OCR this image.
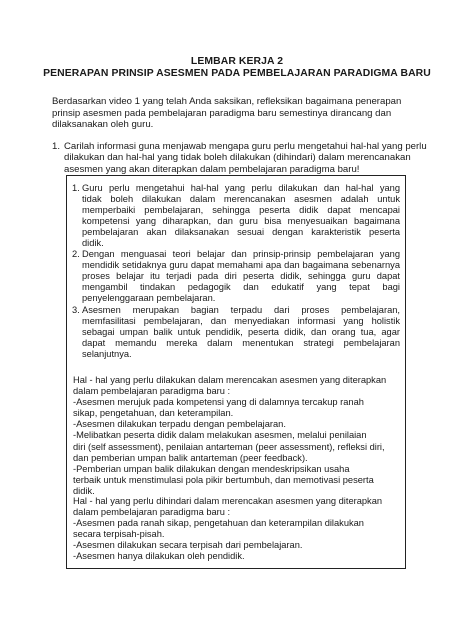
LEMBAR KERJA 2
PENERAPAN PRINSIP ASESMEN PADA PEMBELAJARAN PARADIGMA BARU
Berdasarkan video 1 yang telah Anda saksikan, refleksikan bagaimana penerapan
prinsip asesmen pada pembelajaran paradigma baru semestinya dirancang dan
dilaksanakan oleh guru.
1. Carilah informasi guna menjawab mengapa guru perlu mengetahui hal-hal yang perlu
dilakukan dan hal-hal yang tidak boleh dilakukan (dihindari) dalam merencanakan
asesmen yang akan diterapkan dalam pembelajaran paradigma baru!
1. Guru perlu mengetahui hal-hal yang perlu dilakukan dan hal-hal yang
tidak boleh dilakukan dalam merencanakan asesmen adalah untuk
memperbaiki pembelajaran, sehingga peserta didik dapat mencapai
kompetensi yang diharapkan, dan guru bisa menyesuaikan bagaimana
pembelajaran akan dilaksanakan sesuai dengan karakteristik peserta
didik.
2. Dengan menguasai teori belajar dan prinsip-prinsip pembelajaran yang
mendidik setidaknya guru dapat memahami apa dan bagaimana sebenarnya
proses belajar itu terjadi pada diri peserta didik, sehingga guru dapat
mengambil tindakan pedagogik dan edukatif yang tepat bagi
penyelenggaraan pembelajaran.
3. Asesmen merupakan bagian terpadu dari proses pembelajaran,
memfasilitasi pembelajaran, dan menyediakan informasi yang holistik
sebagai umpan balik untuk pendidik, peserta didik, dan orang tua, agar
dapat memandu mereka dalam menentukan strategi pembelajaran
selanjutnya.
Hal - hal yang perlu dilakukan dalam merencakan asesmen yang diterapkan
dalam pembelajaran paradigma baru :
-Asesmen merujuk pada kompetensi yang di dalamnya tercakup ranah
sikap, pengetahuan, dan keterampilan.
-Asesmen dilakukan terpadu dengan pembelajaran.
-Melibatkan peserta didik dalam melakukan asesmen, melalui penilaian
diri (self assessment), penilaian antarteman (peer assessment), refleksi diri,
dan pemberian umpan balik antarteman (peer feedback).
-Pemberian umpan balik dilakukan dengan mendeskripsikan usaha
terbaik untuk menstimulasi pola pikir bertumbuh, dan memotivasi peserta
didik.
Hal - hal yang perlu dihindari dalam merencakan asesmen yang diterapkan
dalam pembelajaran paradigma baru :
-Asesmen pada ranah sikap, pengetahuan dan keterampilan dilakukan
secara terpisah-pisah.
-Asesmen dilakukan secara terpisah dari pembelajaran.
-Asesmen hanya dilakukan oleh pendidik.
